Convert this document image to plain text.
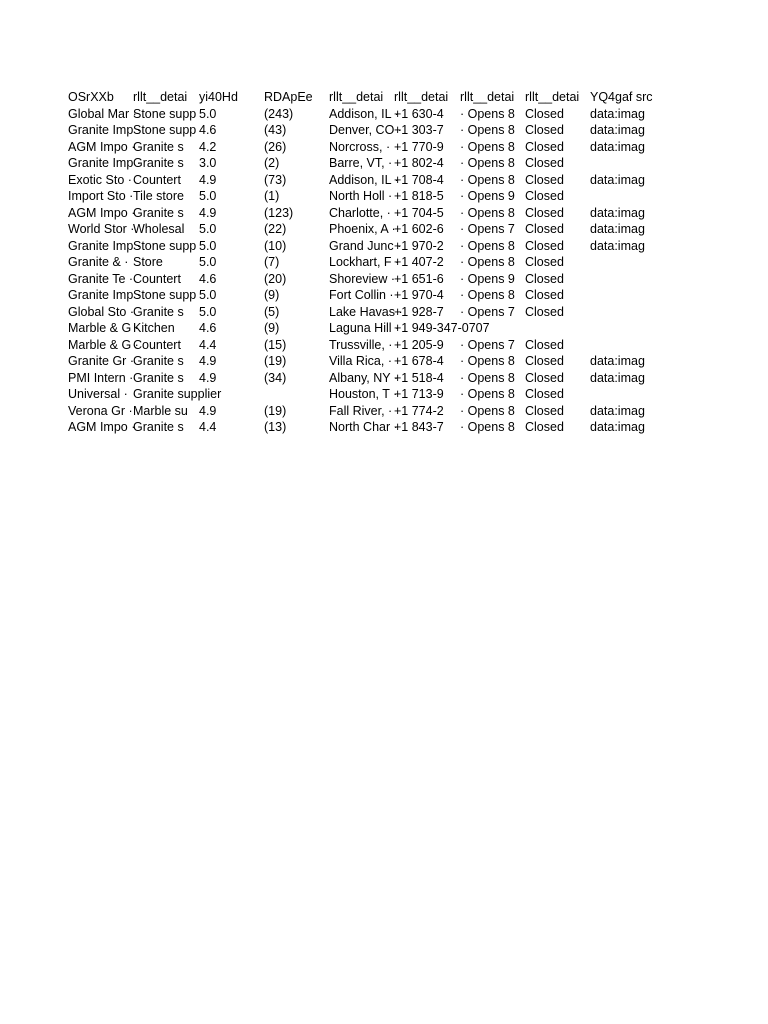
OSrXXb	rllt__detai	yi40Hd	RDApEe	rllt__detai	rllt__detai	rllt__detai	rllt__detai	YQ4gaf src
Global Mar ·	Stone supp	5.0	(243)	Addison, IL ·	+1 630-4	· Opens 8	Closed	data:imag
Granite Imp ·	Stone supp	4.6	(43)	Denver, CO ·	+1 303-7	· Opens 8	Closed	data:imag
AGM Impo ·	Granite s	4.2	(26)	Norcross, ·	+1 770-9	· Opens 8	Closed	data:imag
Granite Imp ·	Granite s	3.0	(2)	Barre, VT, ·	+1 802-4	· Opens 8	Closed	
Exotic Sto ·	Countert	4.9	(73)	Addison, IL ·	+1 708-4	· Opens 8	Closed	data:imag
Import Sto ·	Tile store	5.0	(1)	North Holl ·	+1 818-5	· Opens 9	Closed	
AGM Impo ·	Granite s	4.9	(123)	Charlotte, ·	+1 704-5	· Opens 8	Closed	data:imag
World Stor ·	Wholesal	5.0	(22)	Phoenix, A ·	+1 602-6	· Opens 7	Closed	data:imag
Granite Imp ·	Stone supp	5.0	(10)	Grand Junc ·	+1 970-2	· Opens 8	Closed	data:imag
Granite & ·	Store	5.0	(7)	Lockhart, F ·	+1 407-2	· Opens 8	Closed	
Granite Te ·	Countert	4.6	(20)	Shoreview ·	+1 651-6	· Opens 9	Closed	
Granite Imp ·	Stone supp	5.0	(9)	Fort Collin ·	+1 970-4	· Opens 8	Closed	
Global Sto ·	Granite s	5.0	(5)	Lake Havas ·	+1 928-7	· Opens 7	Closed	
Marble & G ·	Kitchen	4.6	(9)	Laguna Hill ·	+1 949-347-0707			
Marble & G ·	Countert	4.4	(15)	Trussville, ·	+1 205-9	· Opens 7	Closed	
Granite Gr ·	Granite s	4.9	(19)	Villa Rica, ·	+1 678-4	· Opens 8	Closed	data:imag
PMI Intern ·	Granite s	4.9	(34)	Albany, NY ·	+1 518-4	· Opens 8	Closed	data:imag
Universal ·	Granite supplier			Houston, T ·	+1 713-9	· Opens 8	Closed	
Verona Gr ·	Marble su	4.9	(19)	Fall River, ·	+1 774-2	· Opens 8	Closed	data:imag
AGM Impo ·	Granite s	4.4	(13)	North Char ·	+1 843-7	· Opens 8	Closed	data:imag
